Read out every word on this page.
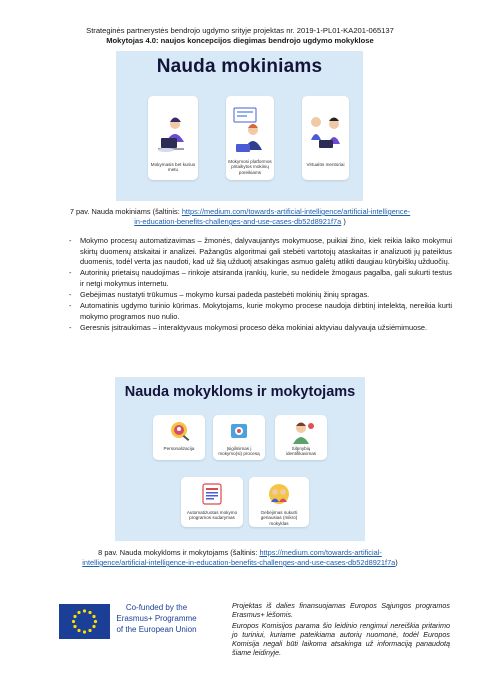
Strateginės partnerystės bendrojo ugdymo srityje projektas nr. 2019-1-PL01-KA201-065137
Mokytojas 4.0: naujos koncepcijos diegimas bendrojo ugdymo mokyklose
Nauda mokiniams
Mokymasis bet kuriuo metu
Mokymosi platformos pritaikytos mokinių poreikiams
Virtualūs mentoriai
7 pav. Nauda mokiniams (šaltinis: https://medium.com/towards-artificial-intelligence/artificial-intelligence-
in-education-benefits-challenges-and-use-cases-db52d8921f7a )
- Mokymo procesų automatizavimas – žmonės, dalyvaujantys mokymuose, puikiai žino, kiek reikia laiko mokymui skirtų duomenų atskaitai ir analizei. Pažangūs algoritmai gali stebėti vartotojų ataskaitas ir analizuoti jų pateiktus duomenis, todėl verta jas naudoti, kad už šią užduotį atsakingas asmuo galėtų atlikti daugiau kūrybiškų užduočių.
- Autorinių prietaisų naudojimas – rinkoje atsiranda įrankių, kurie, su nedidele žmogaus pagalba, gali sukurti testus ir netgi mokymus internetu.
- Gebėjimas nustatyti trūkumus – mokymo kursai padeda pastebėti mokinių žinių spragas.
- Automatinis ugdymo turinio kūrimas. Mokytojams, kurie mokymo procese naudoja dirbtinį intelektą, nereikia kurti mokymo programos nuo nulio.
- Geresnis įsitraukimas – interaktyvaus mokymosi proceso dėka mokiniai aktyviau dalyvauja užsiėmimuose.
Nauda mokykloms ir mokytojams
Personalizacija	Įsigilinimas į mokymo(si) procesą
Silpnybių identifikavimas
Automatizuotas mokymo programos sudarymas
Gebėjimas sukurti geriausias (mikro) mokyklas
8 pav. Nauda mokykloms ir mokytojams (šaltinis: https://medium.com/towards-artificial-
intelligence/artificial-intelligence-in-education-benefits-challenges-and-use-cases-db52d8921f7a)
Co-funded by the Erasmus+ Programme of the European Union

Projektas iš dalies finansuojamas Europos Sąjungos programos Erasmus+ lėšomis.

Europos Komisijos parama šio leidinio rengimui nereiškia pritarimo jo turiniui, kuriame pateikiama autorių nuomonė, todėl Europos Komisija negali būti laikoma atsakinga už informaciją panaudotą šiame leidinyje.
